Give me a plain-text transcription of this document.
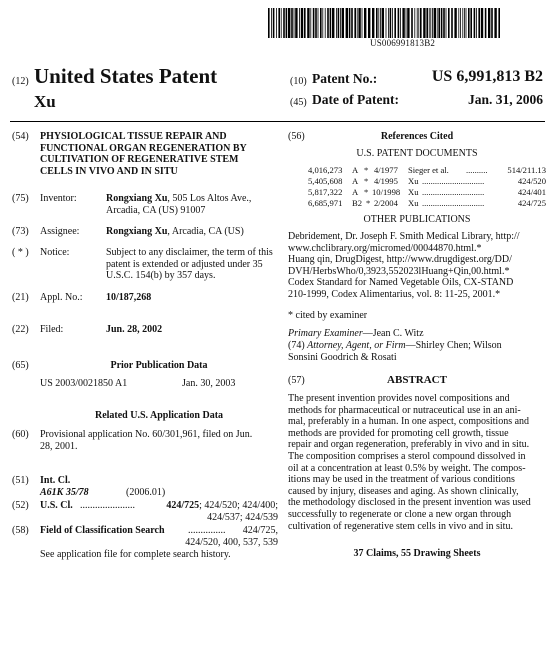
US006991813B2
(12) United States Patent
Xu
(10) Patent No.:	US 6,991,813 B2
(45) Date of Patent:	Jan. 31, 2006
(54) PHYSIOLOGICAL TISSUE REPAIR AND
FUNCTIONAL ORGAN REGENERATION BY
CULTIVATION OF REGENERATIVE STEM
CELLS IN VIVO AND IN SITU
(75) Inventor:	Rongxiang Xu, 505 Los Altos Ave.,
Arcadia, CA (US) 91007
(73) Assignee:	Rongxiang Xu, Arcadia, CA (US)
( * ) Notice:	Subject to any disclaimer, the term of this
patent is extended or adjusted under 35
U.S.C. 154(b) by 357 days.
(21) Appl. No.: 10/187,268
(22) Filed:	Jun. 28, 2002
(65)	Prior Publication Data
US 2003/0021850 A1	Jan. 30, 2003
Related U.S. Application Data
(60) Provisional application No. 60/301,961, filed on Jun.
28, 2001.
(51) Int. Cl.
A61K 35/78	(2006.01)
(52) U.S. Cl. ......................	424/725; 424/520; 424/400;
424/537; 424/539
(58) Field of Classification Search ............... 424/725,
424/520, 400, 537, 539
See application file for complete search history.
(56)	References Cited
U.S. PATENT DOCUMENTS
4,016,273 A * 4/1977 Sieger et al. .......... 514/211.13
5,405,608 A * 4/1995 Xu .............................	424/520
5,817,322 A * 10/1998 Xu .............................	424/401
6,685,971 B2 * 2/2004 Xu .............................	424/725
OTHER PUBLICATIONS
Debridement, Dr. Joseph F. Smith Medical Library, http://
www.chclibrary.org/micromed/00044870.html.*
Huang qin, DrugDigest, http://www.drugdigest.org/DD/
DVH/HerbsWho/0,3923,552023lHuang+Qin,00.html.*
Codex Standard for Named Vegetable Oils, CX-STAND
210-1999, Codex Alimentarius, vol. 8: 11-25, 2001.*
* cited by examiner
Primary Examiner—Jean C. Witz
(74) Attorney, Agent, or Firm—Shirley Chen; Wilson
Sonsini Goodrich & Rosati
(57)	ABSTRACT
The present invention provides novel compositions and
methods for pharmaceutical or nutraceutical use in an ani-
mal, preferably in a human. In one aspect, compositions and
methods are provided for promoting cell growth, tissue
repair and organ regeneration, preferably in vivo and in situ.
The composition comprises a sterol compound dissolved in
oil at a concentration at least 0.5% by weight. The compos-
itions may be used in the treatment of various conditions
caused by injury, diseases and aging. As shown clinically,
the methodology disclosed in the present invention was used
successfully to regenerate or clone a new organ through
cultivation of regenerative stem cells in vivo and in situ.
37 Claims, 55 Drawing Sheets
